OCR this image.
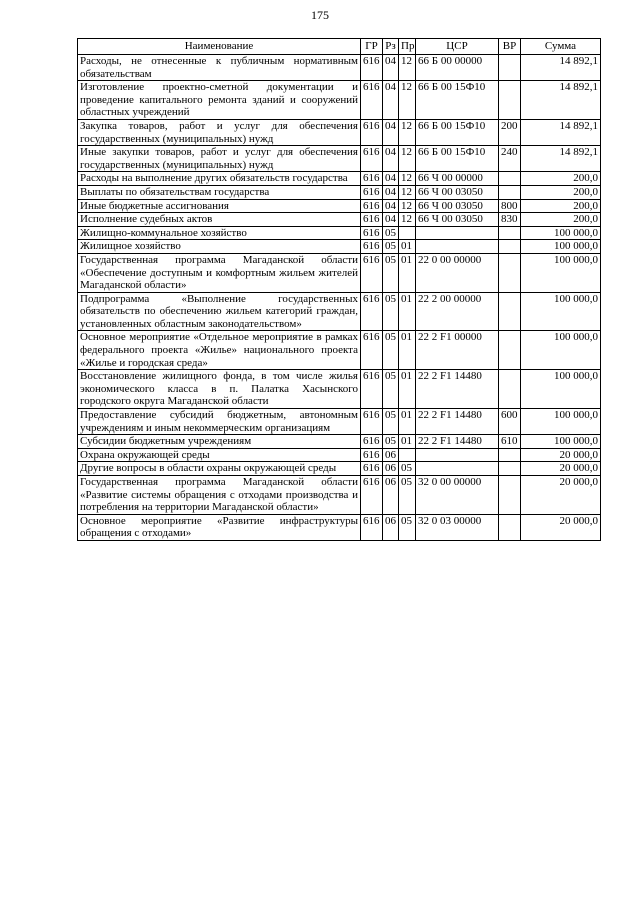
175
Наименование	ГР	Рз	Пр	ЦСР	ВР	Сумма
Расходы, не отнесенные к публичным нормативным обязательствам	616	04	12	66 Б 00 00000		14 892,1
Изготовление проектно-сметной документации и проведение капитального ремонта зданий и сооружений областных учреждений	616	04	12	66 Б 00 15Ф10		14 892,1
Закупка товаров, работ и услуг для обеспечения государственных (муниципальных) нужд	616	04	12	66 Б 00 15Ф10	200	14 892,1
Иные закупки товаров, работ и услуг для обеспечения государственных (муниципальных) нужд	616	04	12	66 Б 00 15Ф10	240	14 892,1
Расходы на выполнение других обязательств государства	616	04	12	66 Ч 00 00000		200,0
Выплаты по обязательствам государства	616	04	12	66 Ч 00 03050		200,0
Иные бюджетные ассигнования	616	04	12	66 Ч 00 03050	800	200,0
Исполнение судебных актов	616	04	12	66 Ч 00 03050	830	200,0
Жилищно-коммунальное хозяйство	616	05				100 000,0
Жилищное хозяйство	616	05	01			100 000,0
Государственная программа Магаданской области «Обеспечение доступным и комфортным жильем жителей Магаданской области»	616	05	01	22 0 00 00000		100 000,0
Подпрограмма «Выполнение государственных обязательств по обеспечению жильем категорий граждан, установленных областным законодательством»	616	05	01	22 2 00 00000		100 000,0
Основное мероприятие «Отдельное мероприятие в рамках федерального проекта «Жилье» национального проекта «Жилье и городская среда»	616	05	01	22 2 F1 00000		100 000,0
Восстановление жилищного фонда, в том числе жилья экономического класса в п. Палатка Хасынского городского округа Магаданской области	616	05	01	22 2 F1 14480		100 000,0
Предоставление субсидий бюджетным, автономным учреждениям и иным некоммерческим организациям	616	05	01	22 2 F1 14480	600	100 000,0
Субсидии бюджетным учреждениям	616	05	01	22 2 F1 14480	610	100 000,0
Охрана окружающей среды	616	06				20 000,0
Другие вопросы в области охраны окружающей среды	616	06	05			20 000,0
Государственная программа Магаданской области «Развитие системы обращения с отходами производства и потребления на территории Магаданской области»	616	06	05	32 0 00 00000		20 000,0
Основное мероприятие «Развитие инфраструктуры обращения с отходами»	616	06	05	32 0 03 00000		20 000,0
